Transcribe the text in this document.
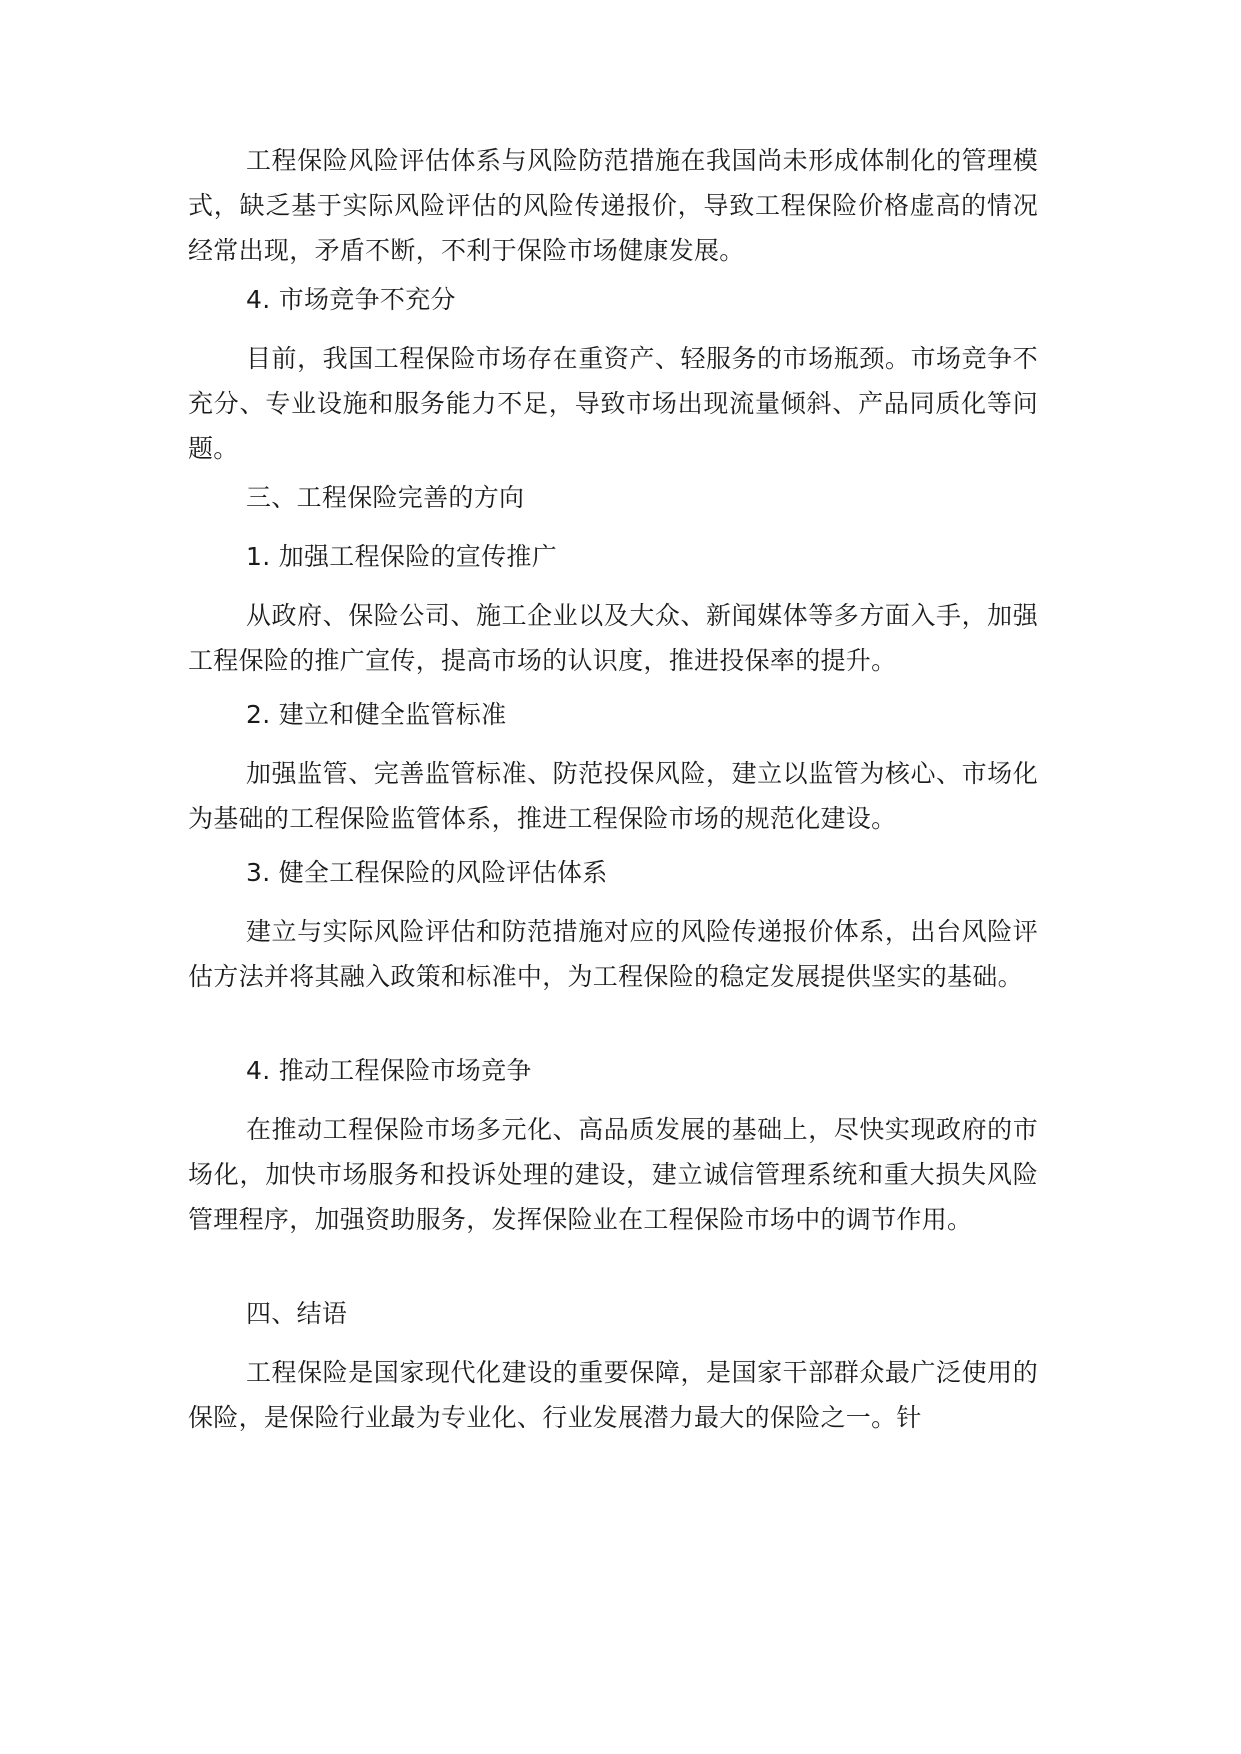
工程保险风险评估体系与风险防范措施在我国尚未形成体制化的管理模式，缺乏基于实际风险评估的风险传递报价，导致工程保险价格虚高的情况经常出现，矛盾不断，不利于保险市场健康发展。

4. 市场竞争不充分

目前，我国工程保险市场存在重资产、轻服务的市场瓶颈。市场竞争不充分、专业设施和服务能力不足，导致市场出现流量倾斜、产品同质化等问题。

三、工程保险完善的方向

1. 加强工程保险的宣传推广

从政府、保险公司、施工企业以及大众、新闻媒体等多方面入手，加强工程保险的推广宣传，提高市场的认识度，推进投保率的提升。

2. 建立和健全监管标准

加强监管、完善监管标准、防范投保风险，建立以监管为核心、市场化为基础的工程保险监管体系，推进工程保险市场的规范化建设。

3. 健全工程保险的风险评估体系

建立与实际风险评估和防范措施对应的风险传递报价体系，出台风险评估方法并将其融入政策和标准中，为工程保险的稳定发展提供坚实的基础。

4. 推动工程保险市场竞争

在推动工程保险市场多元化、高品质发展的基础上，尽快实现政府的市场化，加快市场服务和投诉处理的建设，建立诚信管理系统和重大损失风险管理程序，加强资助服务，发挥保险业在工程保险市场中的调节作用。

四、结语

工程保险是国家现代化建设的重要保障，是国家干部群众最广泛使用的保险，是保险行业最为专业化、行业发展潜力最大的保险之一。针
